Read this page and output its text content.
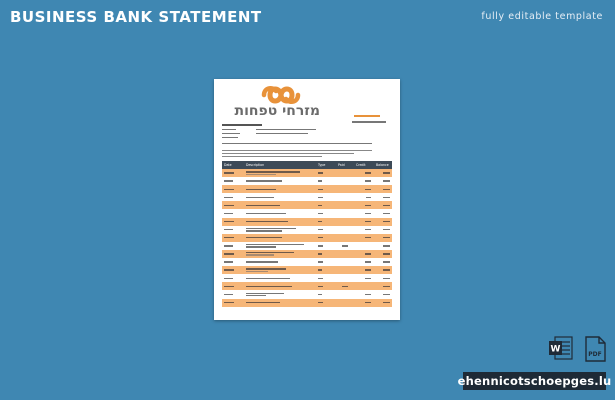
BUSINESS BANK STATEMENT	fully editable template
מזרחי טפחות
Date	Description	Type	Paid	Credit	Balance
W	PDF
ehennicotschoepges.lu
